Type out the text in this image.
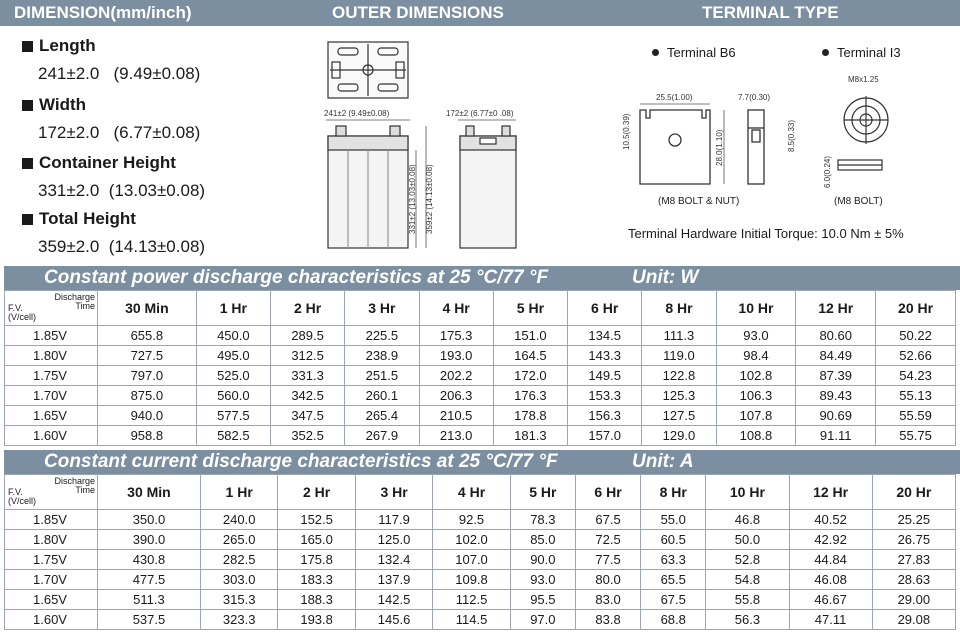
DIMENSION(mm/inch)	OUTER DIMENSIONS	TERMINAL TYPE
Length
241±2.0   (9.49±0.08)
Width
172±2.0   (6.77±0.08)
Container Height
331±2.0  (13.03±0.08)
Total Height
359±2.0  (14.13±0.08)
241±2 (9.49±0.08)
331±2 (13.03±0.08) 359±2 (14.13±0.08)
172±2 (6.77±0 .08)
Terminal B6	Terminal I3
25.5(1.00)	7.7(0.30)
10.5(0.39)	28.0(1.10)	8.5(0.33)
(M8 BOLT & NUT)
M8x1.25
6.0(0.24)
(M8 BOLT)
Terminal Hardware Initial Torque: 10.0 Nm ± 5%
Constant power discharge characteristics at 25 °C/77 °F	Unit: W
Discharge
Time
F.V.
(V/cell)	30 Min	1 Hr	2 Hr	3 Hr	4 Hr	5 Hr	6 Hr	8 Hr	10 Hr	12 Hr	20 Hr
1.85V	655.8	450.0	289.5	225.5	175.3	151.0	134.5	111.3	93.0	80.60	50.22
1.80V	727.5	495.0	312.5	238.9	193.0	164.5	143.3	119.0	98.4	84.49	52.66
1.75V	797.0	525.0	331.3	251.5	202.2	172.0	149.5	122.8	102.8	87.39	54.23
1.70V	875.0	560.0	342.5	260.1	206.3	176.3	153.3	125.3	106.3	89.43	55.13
1.65V	940.0	577.5	347.5	265.4	210.5	178.8	156.3	127.5	107.8	90.69	55.59
1.60V	958.8	582.5	352.5	267.9	213.0	181.3	157.0	129.0	108.8	91.11	55.75
Constant current discharge characteristics at 25 °C/77 °F	Unit: A
Discharge
Time
F.V.
(V/cell)	30 Min	1 Hr	2 Hr	3 Hr	4 Hr	5 Hr	6 Hr	8 Hr	10 Hr	12 Hr	20 Hr
1.85V	350.0	240.0	152.5	117.9	92.5	78.3	67.5	55.0	46.8	40.52	25.25
1.80V	390.0	265.0	165.0	125.0	102.0	85.0	72.5	60.5	50.0	42.92	26.75
1.75V	430.8	282.5	175.8	132.4	107.0	90.0	77.5	63.3	52.8	44.84	27.83
1.70V	477.5	303.0	183.3	137.9	109.8	93.0	80.0	65.5	54.8	46.08	28.63
1.65V	511.3	315.3	188.3	142.5	112.5	95.5	83.0	67.5	55.8	46.67	29.00
1.60V	537.5	323.3	193.8	145.6	114.5	97.0	83.8	68.8	56.3	47.11	29.08
